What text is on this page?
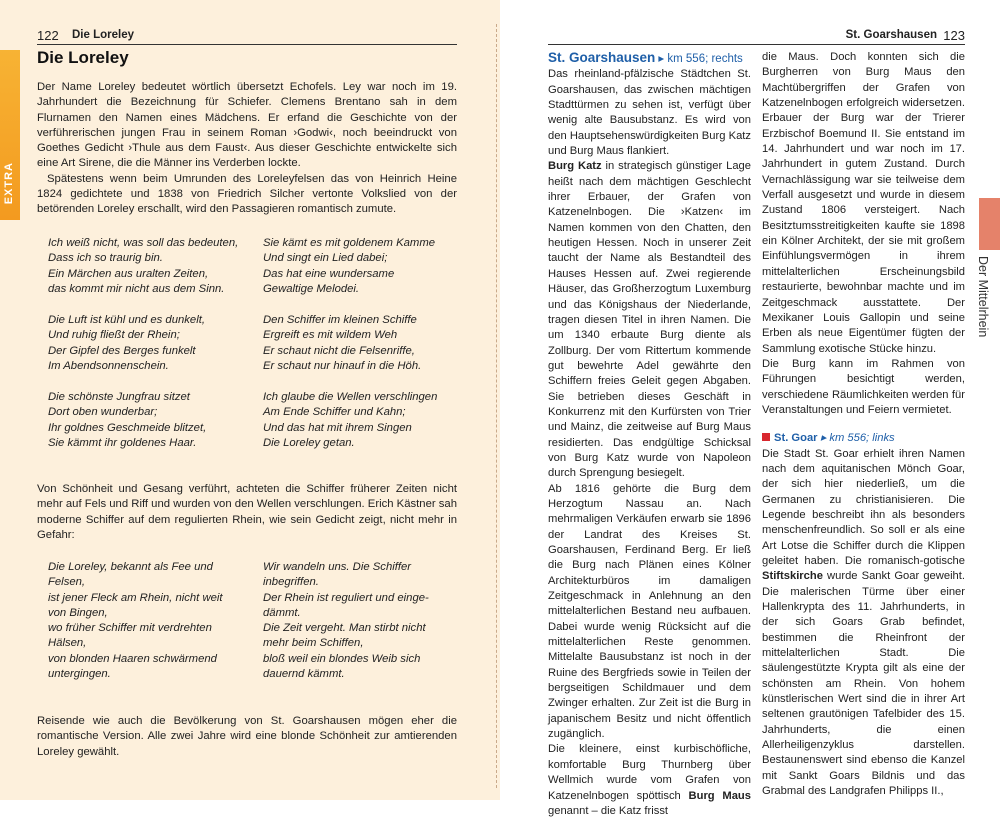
EXTRA
122 Die Loreley
Die Loreley

Der Name Loreley bedeutet wörtlich übersetzt Echofels. Ley war noch im 19. Jahrhundert die Bezeichnung für Schiefer. Clemens Brentano sah in dem Flurnamen den Namen eines Mädchens. Er erfand die Geschichte von der verführerischen jungen Frau in seinem Roman ›Godwi‹, noch beeindruckt von Goethes Gedicht ›Thule aus dem Faust‹. Aus dieser Geschichte entwickelte sich eine Art Sirene, die die Männer ins Verderben lockte.

Spätestens wenn beim Umrunden des Loreleyfelsen das von Heinrich Heine 1824 gedichtete und 1838 von Friedrich Silcher vertonte Volkslied von der betörenden Loreley erschallt, wird den Passagieren romantisch zumute.

Ich weiß nicht, was soll das bedeuten,
Dass ich so traurig bin.
Ein Märchen aus uralten Zeiten,
das kommt mir nicht aus dem Sinn.
Sie kämt es mit goldenem Kamme
Und singt ein Lied dabei;
Das hat eine wundersame
Gewaltige Melodei.
Die Luft ist kühl und es dunkelt,
Und ruhig fließt der Rhein;
Der Gipfel des Berges funkelt
Im Abendsonnenschein.
Den Schiffer im kleinen Schiffe
Ergreift es mit wildem Weh
Er schaut nicht die Felsenriffe,
Er schaut nur hinauf in die Höh.
Die schönste Jungfrau sitzet
Dort oben wunderbar;
Ihr goldnes Geschmeide blitzet,
Sie kämmt ihr goldenes Haar.
Ich glaube die Wellen verschlingen
Am Ende Schiffer und Kahn;
Und das hat mit ihrem Singen
Die Loreley getan.

Von Schönheit und Gesang verführt, achteten die Schiffer früherer Zeiten nicht mehr auf Fels und Riff und wurden von den Wellen verschlungen. Erich Kästner sah moderne Schiffer auf dem regulierten Rhein, wie sein Gedicht zeigt, nicht mehr in Gefahr:

Die Loreley, bekannt als Fee und
Felsen,
ist jener Fleck am Rhein, nicht weit
von Bingen,
wo früher Schiffer mit verdrehten
Hälsen,
von blonden Haaren schwärmend
untergingen.
Wir wandeln uns. Die Schiffer
inbegriffen.
Der Rhein ist reguliert und einge-
dämmt.
Die Zeit vergeht. Man stirbt nicht
mehr beim Schiffen,
bloß weil ein blondes Weib sich
dauernd kämmt.

Reisende wie auch die Bevölkerung von St. Goarshausen mögen eher die romantische Version. Alle zwei Jahre wird eine blonde Schönheit zur amtierenden Loreley gewählt.

St. Goarshausen 123

St. Goarshausen ▸ km 556; rechts

Das rheinland-pfälzische Städtchen St. Goarshausen, das zwischen mächtigen Stadttürmen zu sehen ist, verfügt über wenig alte Bausubstanz. Es wird von den Hauptsehenswürdigkeiten Burg Katz und Burg Maus flankiert.

Burg Katz in strategisch günstiger Lage heißt nach dem mächtigen Geschlecht ihrer Erbauer, der Grafen von Katzenelnbogen. Die ›Katzen‹ im Namen kommen von den Chatten, den heutigen Hessen. Noch in unserer Zeit taucht der Name als Bestandteil des Hauses Hessen auf. Zwei regierende Häuser, das Großherzogtum Luxemburg und das Königshaus der Niederlande, tragen diesen Titel in ihren Namen. Die um 1340 erbaute Burg diente als Zollburg. Der vom Rittertum kommende gut bewehrte Adel gewährte den Schiffern freies Geleit gegen Abgaben. Sie betrieben dieses Geschäft in Konkurrenz mit den Kurfürsten von Trier und Mainz, die zeitweise auf Burg Maus residierten. Das endgültige Schicksal von Burg Katz wurde von Napoleon durch Sprengung besiegelt.

Ab 1816 gehörte die Burg dem Herzogtum Nassau an. Nach mehrmaligen Verkäufen erwarb sie 1896 der Landrat des Kreises St. Goarshausen, Ferdinand Berg. Er ließ die Burg nach Plänen eines Kölner Architekturbüros im damaligen Zeitgeschmack in Anlehnung an den mittelalterlichen Bestand neu aufbauen. Dabei wurde wenig Rücksicht auf die mittelalterlichen Reste genommen. Mittelalte Bausubstanz ist noch in der Ruine des Bergfrieds sowie in Teilen der bergseitigen Schildmauer und dem Zwinger erhalten. Zur Zeit ist die Burg in japanischem Besitz und nicht öffentlich zugänglich.

Die kleinere, einst kurbischöfliche, komfortable Burg Thurnberg über Wellmich wurde vom Grafen von Katzenelnbogen spöttisch Burg Maus genannt – die Katz frisst

die Maus. Doch konnten sich die Burgherren von Burg Maus den Machtübergriffen der Grafen von Katzenelnbogen erfolgreich widersetzen. Erbauer der Burg war der Trierer Erzbischof Boemund II. Sie entstand im 14. Jahrhundert und war noch im 17. Jahrhundert in gutem Zustand. Durch Vernachlässigung war sie teilweise dem Verfall ausgesetzt und wurde in diesem Zustand 1806 versteigert. Nach Besitztumsstreitigkeiten kaufte sie 1898 ein Kölner Architekt, der sie mit großem Einfühlungsvermögen in ihrem mittelalterlichen Erscheinungsbild restaurierte, bewohnbar machte und im Zeitgeschmack ausstattete. Der Mexikaner Louis Gallopin und seine Erben als neue Eigentümer fügten der Sammlung exotische Stücke hinzu.

Die Burg kann im Rahmen von Führungen besichtigt werden, verschiedene Räumlichkeiten werden für Veranstaltungen und Feiern vermietet.

St. Goar ▸ km 556; links

Die Stadt St. Goar erhielt ihren Namen nach dem aquitanischen Mönch Goar, der sich hier niederließ, um die Germanen zu christianisieren. Die Legende beschreibt ihn als besonders menschenfreundlich. So soll er als eine Art Lotse die Schiffer durch die Klippen geleitet haben. Die romanisch-gotische Stiftskirche wurde Sankt Goar geweiht. Die malerischen Türme über einer Hallenkrypta des 11. Jahrhunderts, in der sich Goars Grab befindet, bestimmen die Rheinfront der mittelalterlichen Stadt. Die säulengestützte Krypta gilt als eine der schönsten am Rhein. Von hohem künstlerischen Wert sind die in ihrer Art seltenen grautönigen Tafelbider des 15. Jahrhunderts, die einen Allerheiligenzyklus darstellen. Bestaunenswert sind ebenso die Kanzel mit Sankt Goars Bildnis und das Grabmal des Landgrafen Philipps II.,

Der Mittelrhein
